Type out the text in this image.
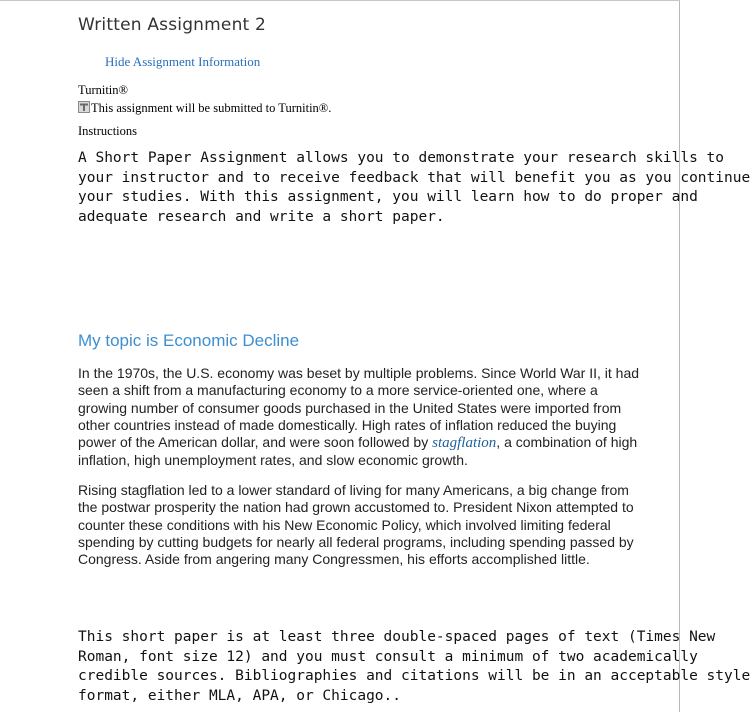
Written Assignment 2
Hide Assignment Information
Turnitin®
This assignment will be submitted to Turnitin®.
Instructions
A Short Paper Assignment allows you to demonstrate your research skills to
your instructor and to receive feedback that will benefit you as you continue
your studies. With this assignment, you will learn how to do proper and
adequate research and write a short paper.
My topic is Economic Decline
In the 1970s, the U.S. economy was beset by multiple problems. Since World War II, it had
seen a shift from a manufacturing economy to a more service-oriented one, where a
growing number of consumer goods purchased in the United States were imported from
other countries instead of made domestically. High rates of inflation reduced the buying
power of the American dollar, and were soon followed by stagflation, a combination of high
inflation, high unemployment rates, and slow economic growth.
Rising stagflation led to a lower standard of living for many Americans, a big change from
the postwar prosperity the nation had grown accustomed to. President Nixon attempted to
counter these conditions with his New Economic Policy, which involved limiting federal
spending by cutting budgets for nearly all federal programs, including spending passed by
Congress. Aside from angering many Congressmen, his efforts accomplished little.
This short paper is at least three double-spaced pages of text (Times New
Roman, font size 12) and you must consult a minimum of two academically
credible sources. Bibliographies and citations will be in an acceptable style
format, either MLA, APA, or Chicago..
